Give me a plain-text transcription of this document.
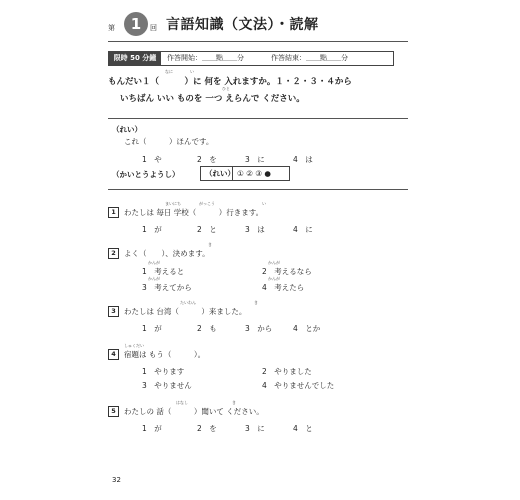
第	1	回 言語知識（文法）・読解
限時 50 分鐘	作答開始：＿＿點＿＿分	作答結束：＿＿點＿＿分
なに	い
もんだい１（　　　）に 何を 入れますか。１・２・３・４から
ひと
いちばん いい ものを 一つ えらんで ください。
（れい）
これ（　　　）ほんです。
1　や	2　を	3　に	4　は
（かいとうようし）	（れい） ① ② ③ ●
1
まいにち	がっこう	い
わたしは 毎日 学校（　　　）行きます。
1　が	2　と	3　は	4　に
2
き
よく（　　）、決めます。
かんが	かんが
1　考えると	2　考えるなら
かんが	かんが
3　考えてから	4　考えたら
3
たいわん	き
わたしは 台湾（　　　）来ました。
1　が	2　も	3　から	4　とか
4
しゅくだい
宿題は もう（　　　）。
1　やります	2　やりました
3　やりません	4　やりませんでした
5
はなし	き
わたしの 話（　　　）聞いて ください。
1　が	2　を	3　に	4　と
32
